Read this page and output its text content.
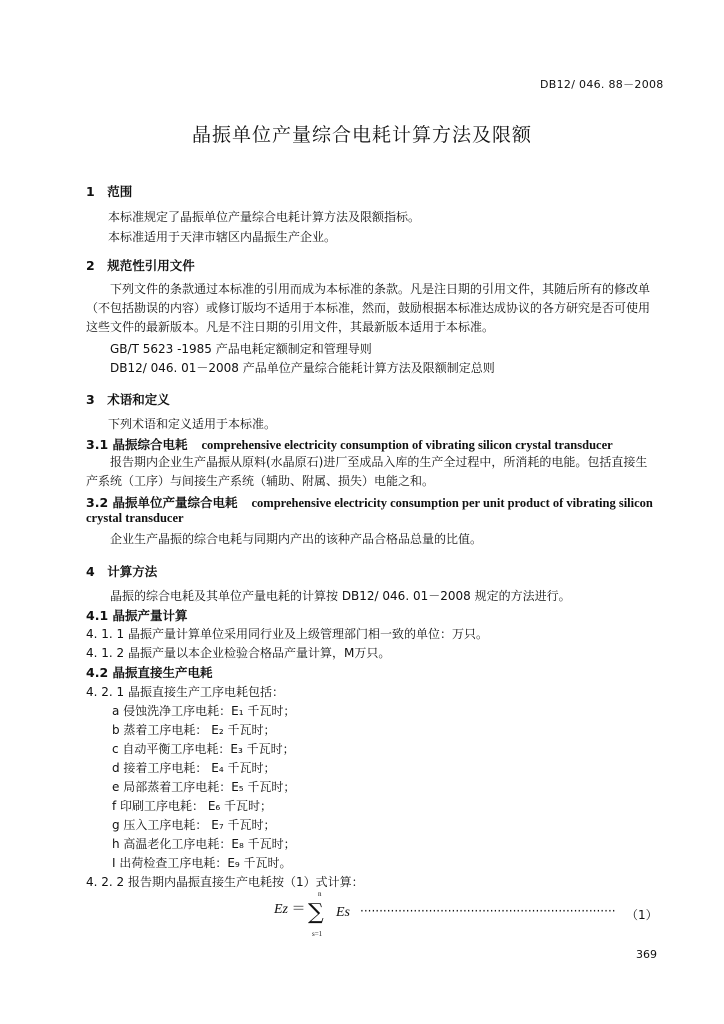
DB12/ 046. 88－2008
晶振单位产量综合电耗计算方法及限额
1　范围
本标准规定了晶振单位产量综合电耗计算方法及限额指标。
本标准适用于天津市辖区内晶振生产企业。
2　规范性引用文件
下列文件的条款通过本标准的引用而成为本标准的条款。凡是注日期的引用文件，其随后所有的修改单（不包括勘误的内容）或修订版均不适用于本标准，然而，鼓励根据本标准达成协议的各方研究是否可使用这些文件的最新版本。凡是不注日期的引用文件，其最新版本适用于本标准。
GB/T 5623 -1985 产品电耗定额制定和管理导则
DB12/ 046. 01－2008 产品单位产量综合能耗计算方法及限额制定总则
3　术语和定义
下列术语和定义适用于本标准。
3.1 晶振综合电耗 comprehensive electricity consumption of vibrating silicon crystal transducer
报告期内企业生产晶振从原料(水晶原石)进厂至成品入库的生产全过程中，所消耗的电能。包括直接生产系统（工序）与间接生产系统（辅助、附属、损失）电能之和。
3.2 晶振单位产量综合电耗 comprehensive electricity consumption per unit product of vibrating silicon
crystal transducer
企业生产晶振的综合电耗与同期内产出的该种产品合格品总量的比值。
4　计算方法
晶振的综合电耗及其单位产量电耗的计算按 DB12/ 046. 01－2008 规定的方法进行。
4.1 晶振产量计算
4. 1. 1 晶振产量计算单位采用同行业及上级管理部门相一致的单位：万只。
4. 1. 2 晶振产量以本企业检验合格品产量计算，M万只。
4.2 晶振直接生产电耗
4. 2. 1 晶振直接生产工序电耗包括：
a 侵蚀洗净工序电耗：E₁ 千瓦时；
b 蒸着工序电耗： E₂ 千瓦时；
c 自动平衡工序电耗：E₃ 千瓦时；
d 接着工序电耗： E₄ 千瓦时；
e 局部蒸着工序电耗：E₅ 千瓦时；
f 印刷工序电耗： E₆ 千瓦时；
g 压入工序电耗： E₇ 千瓦时；
h 高温老化工序电耗：E₈ 千瓦时；
I 出荷检查工序电耗：E₉ 千瓦时。
4. 2. 2 报告期内晶振直接生产电耗按（1）式计算：
Ez ＝
n
∑
s=1
Es ··································································· （1）
369
